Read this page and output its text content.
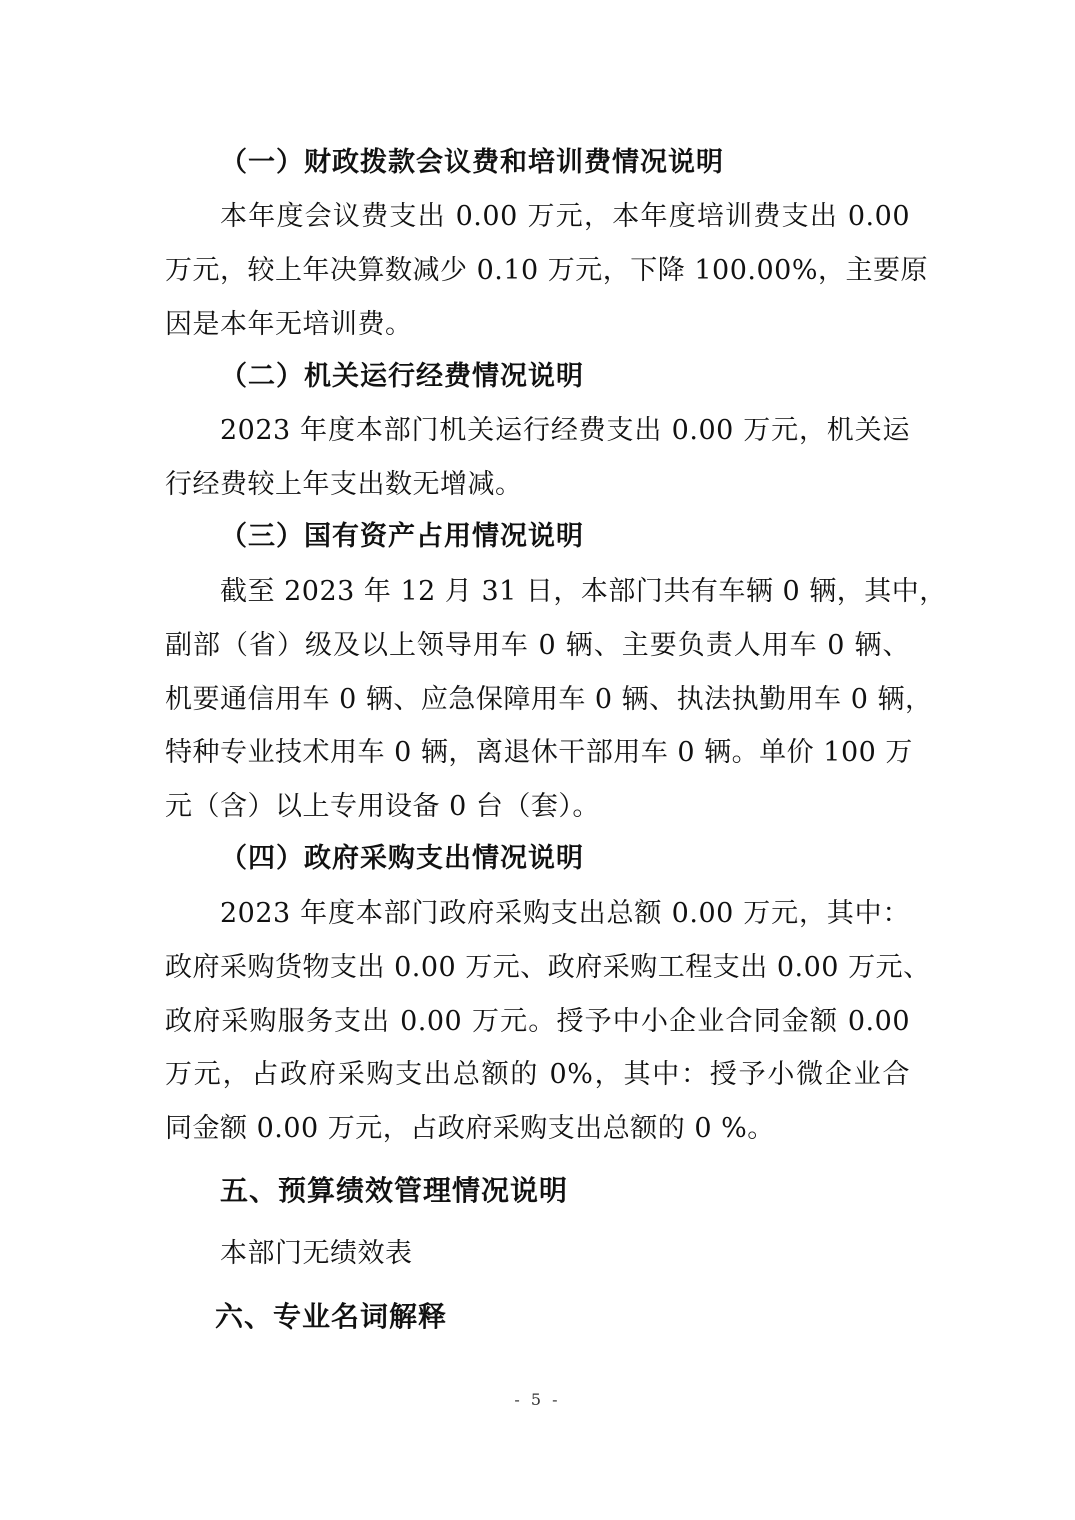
（一）财政拨款会议费和培训费情况说明
本年度会议费支出 0.00 万元，本年度培训费支出 0.00
万元，较上年决算数减少 0.10 万元，下降 100.00%，主要原
因是本年无培训费。
（二）机关运行经费情况说明
2023 年度本部门机关运行经费支出 0.00 万元，机关运
行经费较上年支出数无增减。
（三）国有资产占用情况说明
截至 2023 年 12 月 31 日，本部门共有车辆 0 辆，其中，
副部（省）级及以上领导用车 0 辆、主要负责人用车 0 辆、
机要通信用车 0 辆、应急保障用车 0 辆、执法执勤用车 0 辆，
特种专业技术用车 0 辆，离退休干部用车 0 辆。单价 100 万
元（含）以上专用设备 0 台（套）。
（四）政府采购支出情况说明
2023 年度本部门政府采购支出总额 0.00 万元，其中：
政府采购货物支出 0.00 万元、政府采购工程支出 0.00 万元、
政府采购服务支出 0.00 万元。授予中小企业合同金额 0.00
万元，占政府采购支出总额的 0%，其中：授予小微企业合
同金额 0.00 万元，占政府采购支出总额的 0 %。
五、预算绩效管理情况说明
本部门无绩效表
六、专业名词解释
- 5 -
